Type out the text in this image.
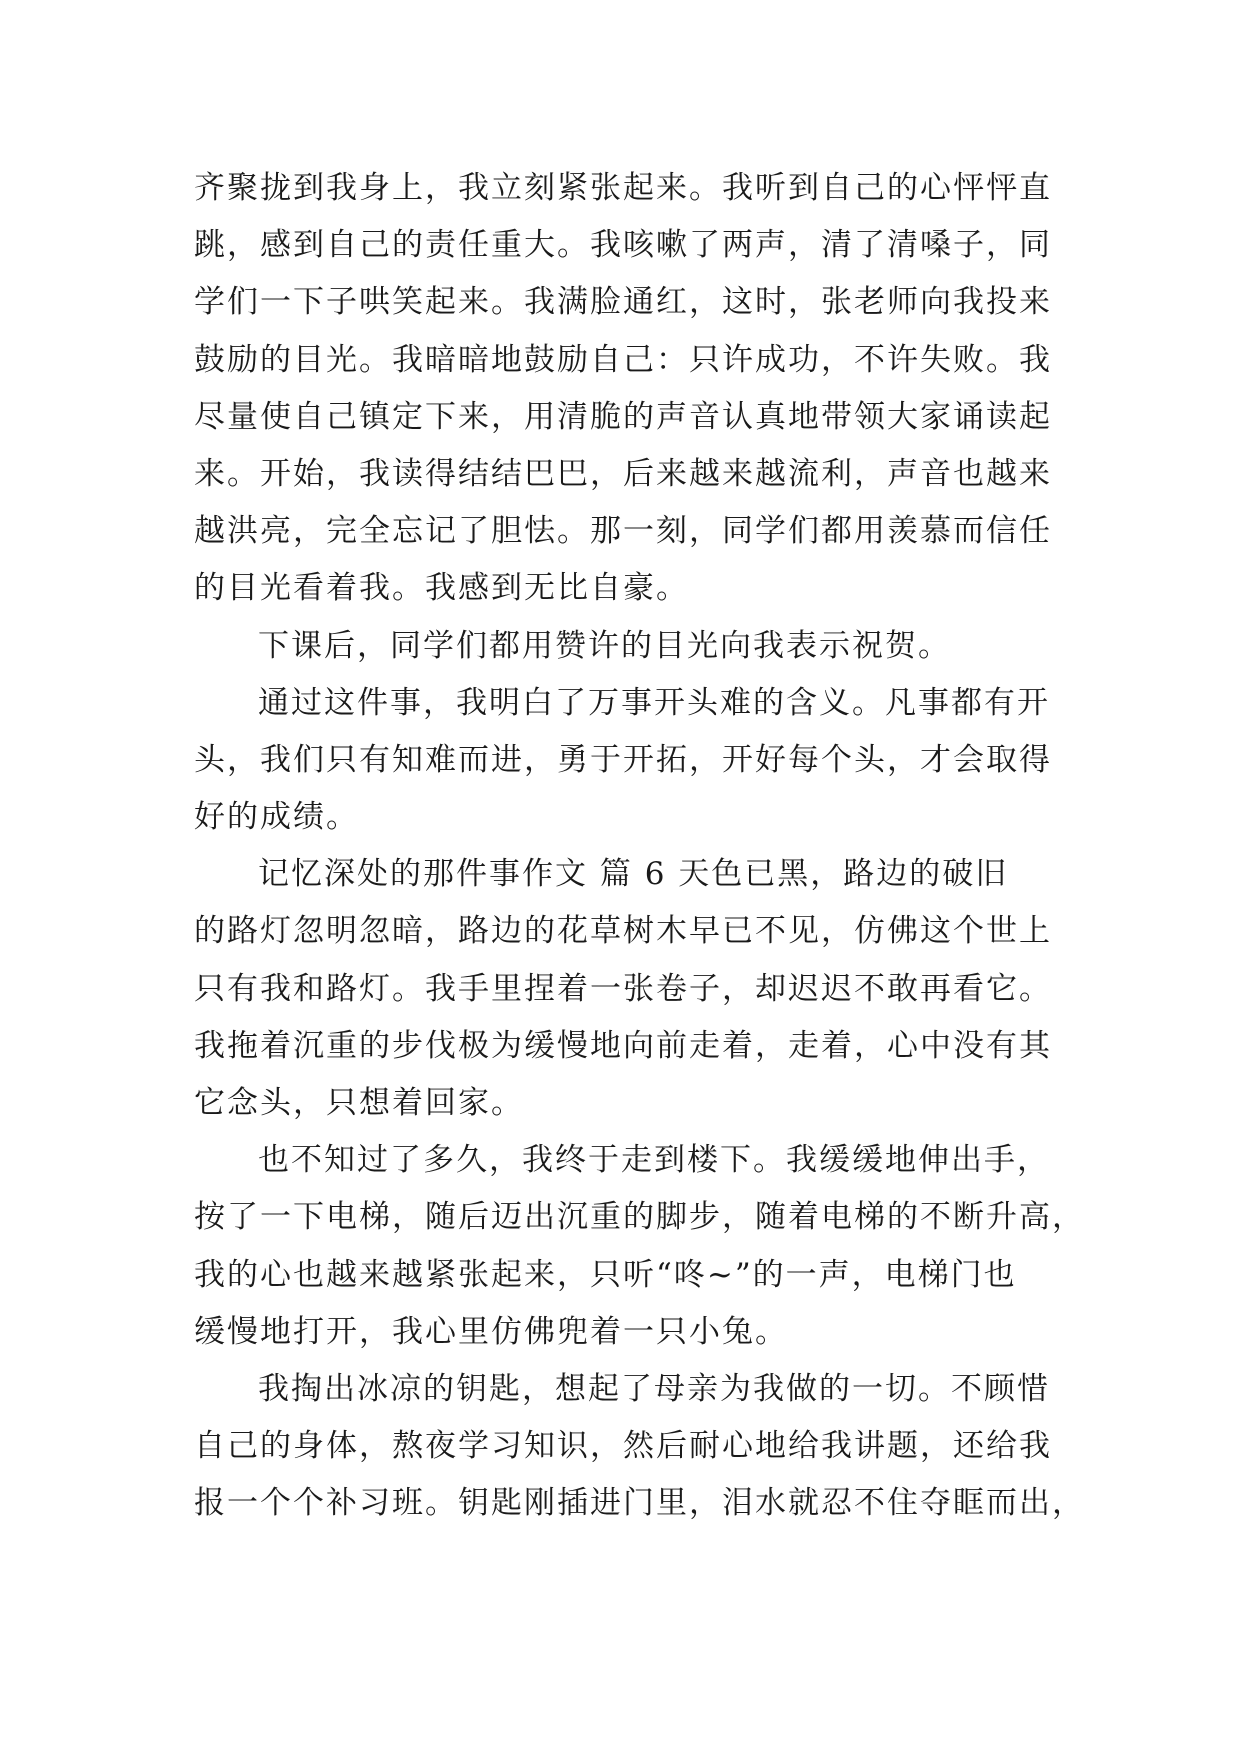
齐聚拢到我身上，我立刻紧张起来。我听到自己的心怦怦直
跳，感到自己的责任重大。我咳嗽了两声，清了清嗓子，同
学们一下子哄笑起来。我满脸通红，这时，张老师向我投来
鼓励的目光。我暗暗地鼓励自己：只许成功，不许失败。我
尽量使自己镇定下来，用清脆的声音认真地带领大家诵读起
来。开始，我读得结结巴巴，后来越来越流利，声音也越来
越洪亮，完全忘记了胆怯。那一刻，同学们都用羡慕而信任
的目光看着我。我感到无比自豪。
下课后，同学们都用赞许的目光向我表示祝贺。
通过这件事，我明白了万事开头难的含义。凡事都有开
头，我们只有知难而进，勇于开拓，开好每个头，才会取得
好的成绩。
记忆深处的那件事作文 篇 6 天色已黑，路边的破旧
的路灯忽明忽暗，路边的花草树木早已不见，仿佛这个世上
只有我和路灯。我手里捏着一张卷子，却迟迟不敢再看它。
我拖着沉重的步伐极为缓慢地向前走着，走着，心中没有其
它念头，只想着回家。
也不知过了多久，我终于走到楼下。我缓缓地伸出手，
按了一下电梯，随后迈出沉重的脚步，随着电梯的不断升高，
我的心也越来越紧张起来，只听“咚~”的一声，电梯门也
缓慢地打开，我心里仿佛兜着一只小兔。
我掏出冰凉的钥匙，想起了母亲为我做的一切。不顾惜
自己的身体，熬夜学习知识，然后耐心地给我讲题，还给我
报一个个补习班。钥匙刚插进门里，泪水就忍不住夺眶而出，
